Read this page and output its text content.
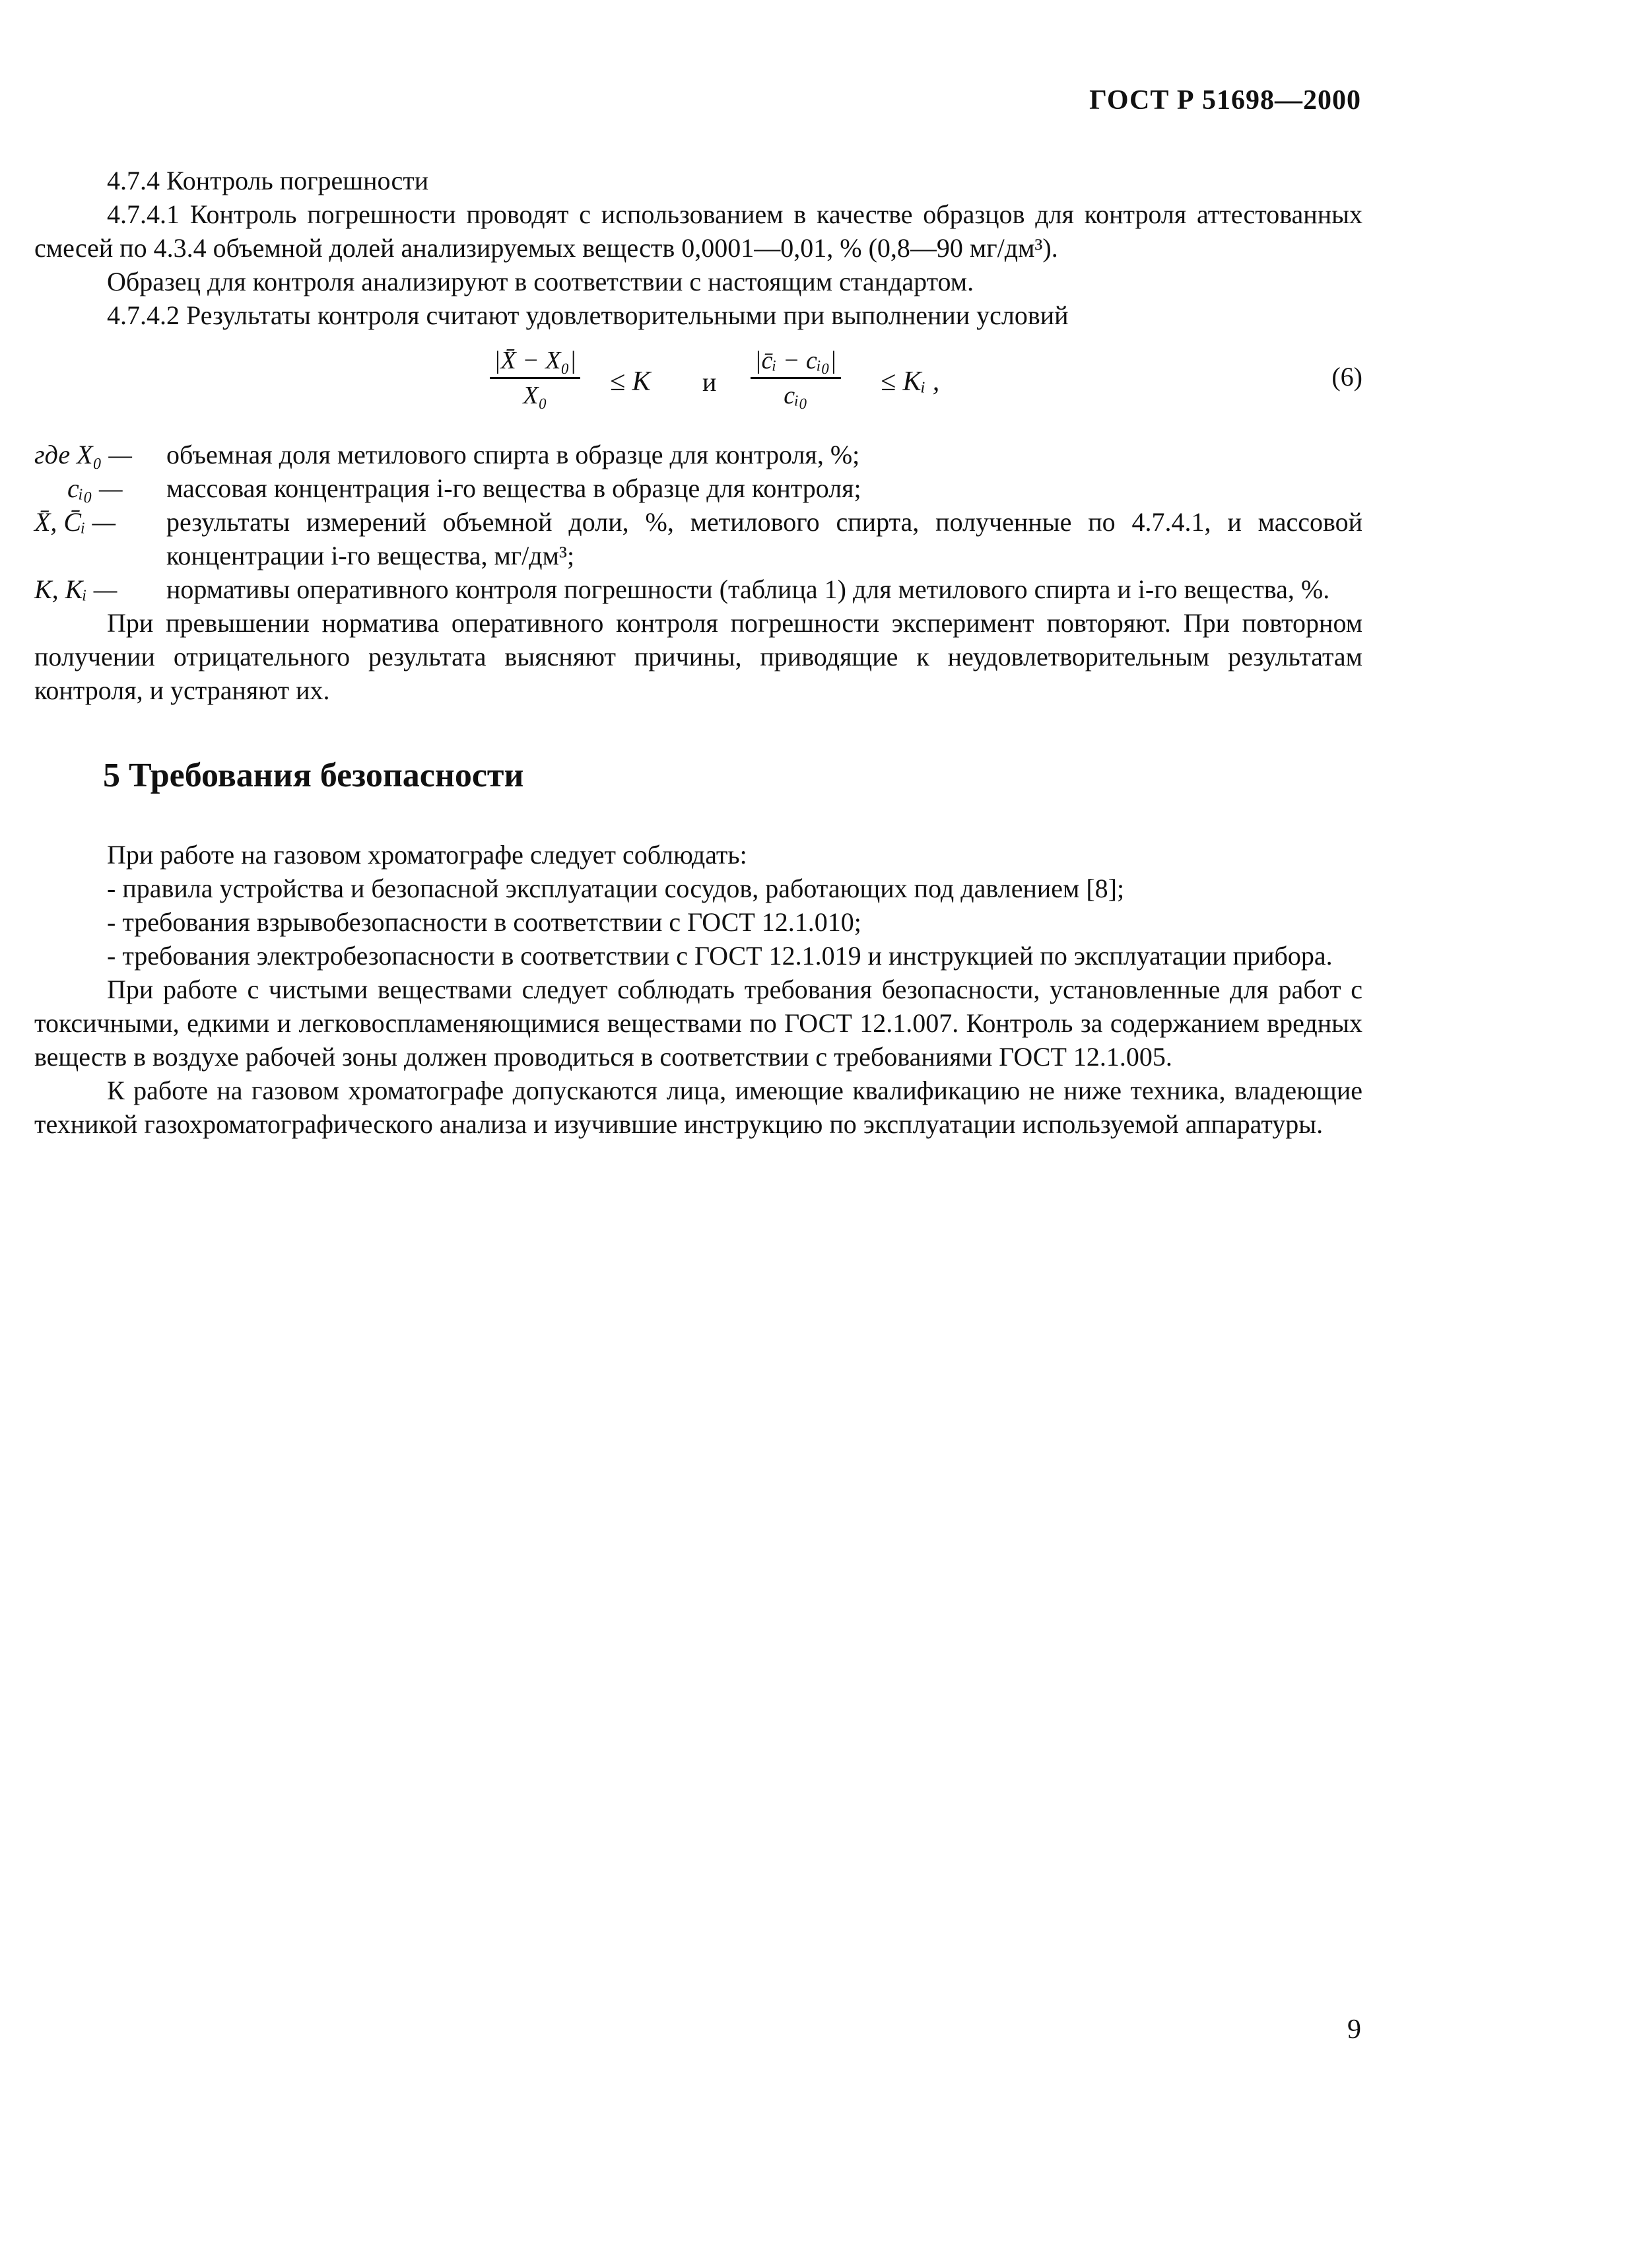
ГОСТ Р 51698—2000

4.7.4 Контроль погрешности

4.7.4.1 Контроль погрешности проводят с использованием в качестве образцов для контроля аттестованных смесей по 4.3.4 объемной долей анализируемых веществ 0,0001—0,01, % (0,8—90 мг/дм³).

Образец для контроля анализируют в соответствии с настоящим стандартом.

4.7.4.2 Результаты контроля считают удовлетворительными при выполнении условий

$\frac{\text{|X̄ − X₀|}}{\text{X₀}} \le K$ и $\frac{\text{|c̄ᵢ − cᵢ₀|}}{\text{cᵢ₀}}$ ≤ Kᵢ ,	(6)
где X₀ —	объемная доля метилового спирта в образце для контроля, %;
cᵢ₀ —	массовая концентрация i-го вещества в образце для контроля;
X̄, C̄ᵢ —	результаты измерений объемной доли, %, метилового спирта, полученные по 4.7.4.1, и массовой концентрации i-го вещества, мг/дм³;
K, Kᵢ —	нормативы оперативного контроля погрешности (таблица 1) для метилового спирта и i-го вещества, %.

При превышении норматива оперативного контроля погрешности эксперимент повторяют. При повторном получении отрицательного результата выясняют причины, приводящие к неудовлетворительным результатам контроля, и устраняют их.

5 Требования безопасности

При работе на газовом хроматографе следует соблюдать:

- правила устройства и безопасной эксплуатации сосудов, работающих под давлением [8];

- требования взрывобезопасности в соответствии с ГОСТ 12.1.010;

- требования электробезопасности в соответствии с ГОСТ 12.1.019 и инструкцией по эксплуатации прибора.

При работе с чистыми веществами следует соблюдать требования безопасности, установленные для работ с токсичными, едкими и легковоспламеняющимися веществами по ГОСТ 12.1.007. Контроль за содержанием вредных веществ в воздухе рабочей зоны должен проводиться в соответствии с требованиями ГОСТ 12.1.005.

К работе на газовом хроматографе допускаются лица, имеющие квалификацию не ниже техника, владеющие техникой газохроматографического анализа и изучившие инструкцию по эксплуатации используемой аппаратуры.

9
